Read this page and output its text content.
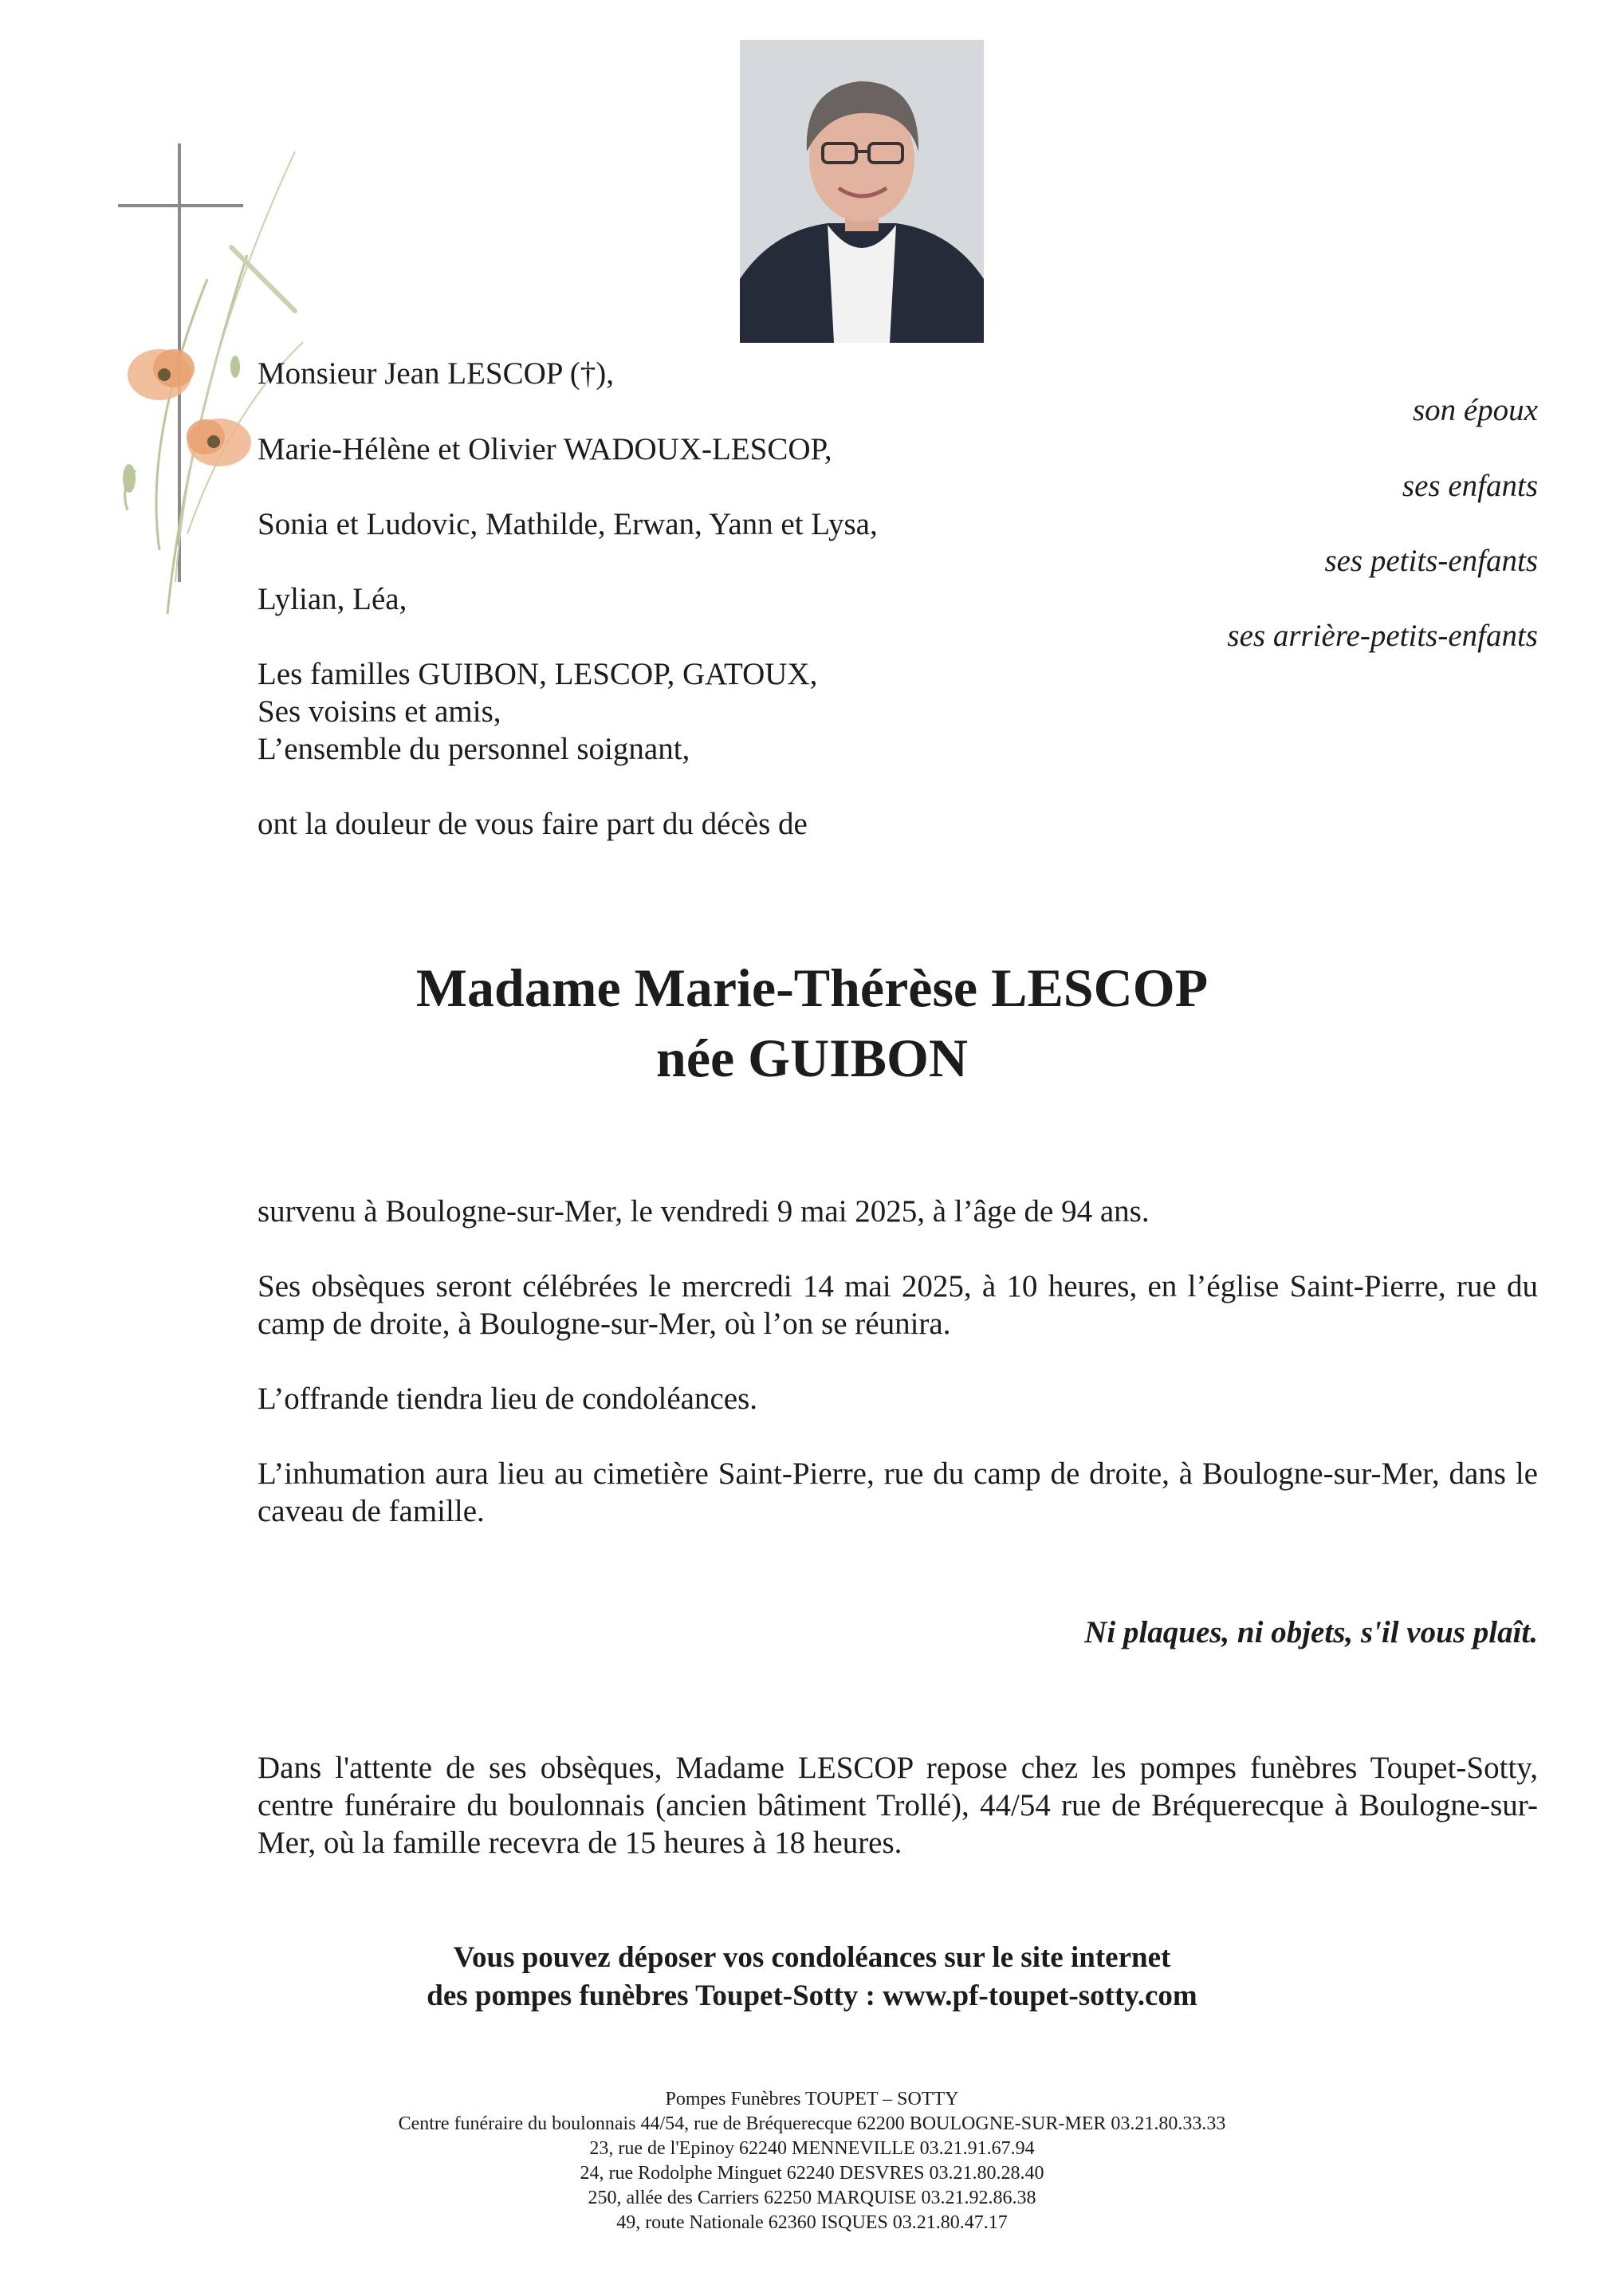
Monsieur Jean LESCOP (†),
Marie-Hélène et Olivier WADOUX-LESCOP,
Sonia et Ludovic, Mathilde, Erwan, Yann et Lysa,
Lylian, Léa,
son époux
ses enfants
ses petits-enfants
ses arrière-petits-enfants
Les familles GUIBON, LESCOP, GATOUX,
Ses voisins et amis,
L’ensemble du personnel soignant,
ont la douleur de vous faire part du décès de
Madame Marie-Thérèse LESCOP
née GUIBON
survenu à Boulogne-sur-Mer, le vendredi 9 mai 2025, à l’âge de 94 ans.
Ses obsèques seront célébrées le mercredi 14 mai 2025, à 10 heures, en l’église Saint-Pierre, rue du camp de droite, à Boulogne-sur-Mer, où l’on se réunira.
L’offrande tiendra lieu de condoléances.
L’inhumation aura lieu au cimetière Saint-Pierre, rue du camp de droite, à Boulogne-sur-Mer, dans le caveau de famille.
Ni plaques, ni objets, s'il vous plaît.
Dans l'attente de ses obsèques, Madame LESCOP repose chez les pompes funèbres Toupet-Sotty, centre funéraire du boulonnais (ancien bâtiment Trollé), 44/54 rue de Bréquerecque à Boulogne-sur-Mer, où la famille recevra de 15 heures à 18 heures.
Vous pouvez déposer vos condoléances sur le site internet
des pompes funèbres Toupet-Sotty : www.pf-toupet-sotty.com
Pompes Funèbres TOUPET – SOTTY
Centre funéraire du boulonnais 44/54, rue de Bréquerecque 62200 BOULOGNE-SUR-MER 03.21.80.33.33
23, rue de l'Epinoy 62240 MENNEVILLE 03.21.91.67.94
24, rue Rodolphe Minguet 62240 DESVRES 03.21.80.28.40
250, allée des Carriers 62250 MARQUISE 03.21.92.86.38
49, route Nationale 62360 ISQUES 03.21.80.47.17
